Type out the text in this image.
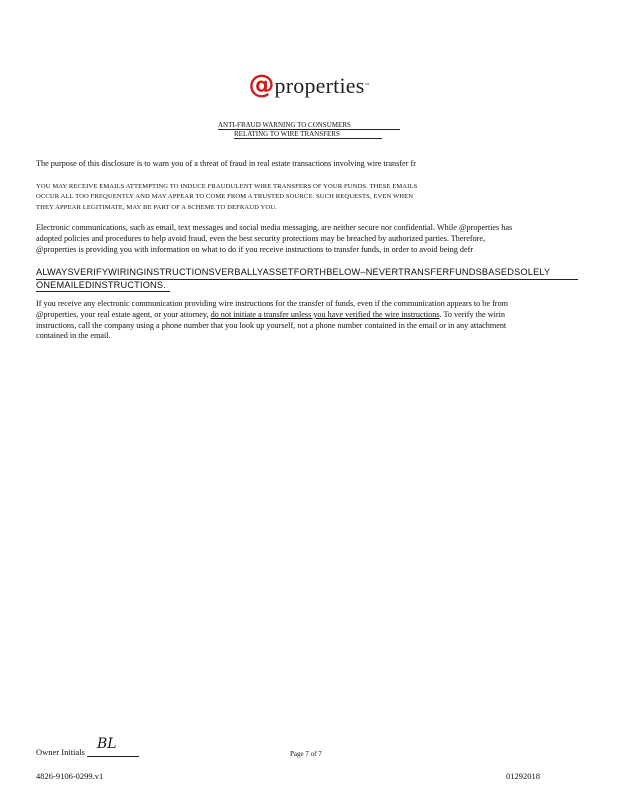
@properties™
ANTI-FRAUD WARNING TO CONSUMERS
RELATING TO WIRE TRANSFERS
The purpose of this disclosure is to warn you of a threat of fraud in real estate transactions involving wire transfer fr
YOU MAY RECEIVE EMAILS ATTEMPTING TO INDUCE FRAUDULENT WIRE TRANSFERS OF YOUR FUNDS. THESE EMAILS
OCCUR ALL TOO FREQUENTLY AND MAY APPEAR TO COME FROM A TRUSTED SOURCE. SUCH REQUESTS, EVEN WHEN
THEY APPEAR LEGITIMATE, MAY BE PART OF A SCHEME TO DEFRAUD YOU.
Electronic communications, such as email, text messages and social media messaging, are neither secure nor confidential. While @properties has
adopted policies and procedures to help avoid fraud, even the best security protections may be breached by authorized parties. Therefore,
@properties is providing you with information on what to do if you receive instructions to transfer funds, in order to avoid being defr
ALWAYSVERIFYWIRINGINSTRUCTIONSVERBALLYASSETFORTHBELOW–NEVERTRANSFERFUNDSBASEDSOLELY
ONEMAILEDINSTRUCTIONS.
If you receive any electronic communication providing wire instructions for the transfer of funds, even if the communication appears to be from
@properties, your real estate agent, or your attorney, do not initiate a transfer unless you have verified the wire instructions. To verify the wirin
instructions, call the company using a phone number that you look up yourself, not a phone number contained in the email or in any attachment
contained in the email.
Owner Initials BL
Page 7 of 7
4826-9106-0299.v1	01292018
